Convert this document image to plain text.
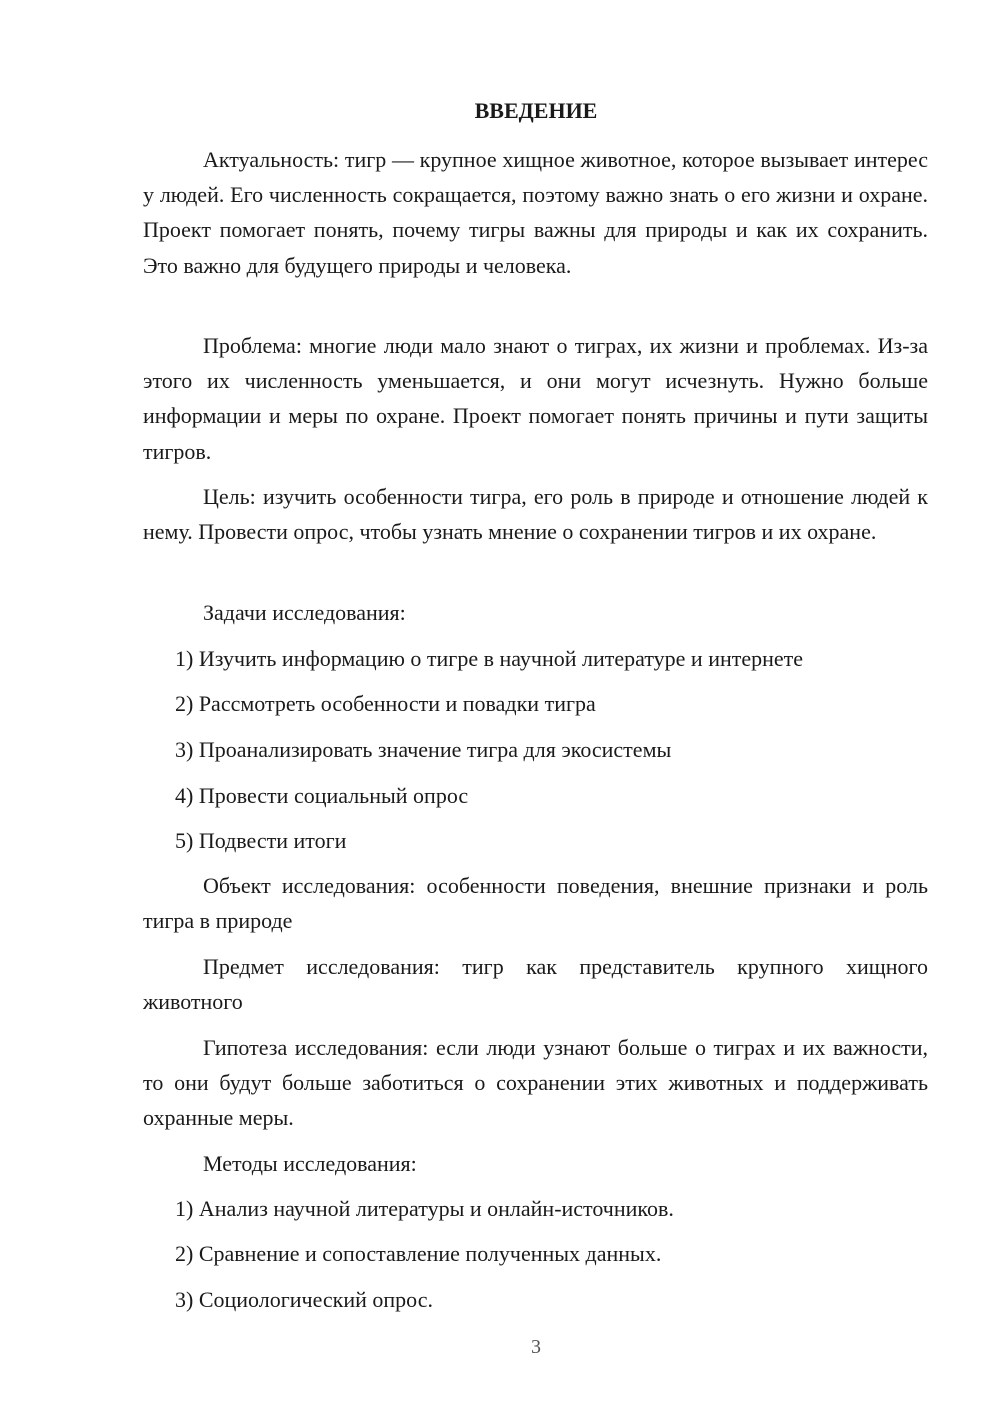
ВВЕДЕНИЕ

Актуальность: тигр — крупное хищное животное, которое вызывает интерес у людей. Его численность сокращается, поэтому важно знать о его жизни и охране. Проект помогает понять, почему тигры важны для природы и как их сохранить. Это важно для будущего природы и человека.

Проблема: многие люди мало знают о тиграх, их жизни и проблемах. Из-за этого их численность уменьшается, и они могут исчезнуть. Нужно больше информации и меры по охране. Проект помогает понять причины и пути защиты тигров.

Цель: изучить особенности тигра, его роль в природе и отношение людей к нему. Провести опрос, чтобы узнать мнение о сохранении тигров и их охране.

Задачи исследования:
1) Изучить информацию о тигре в научной литературе и интернете
2) Рассмотреть особенности и повадки тигра
3) Проанализировать значение тигра для экосистемы
4) Провести социальный опрос
5) Подвести итоги

Объект исследования: особенности поведения, внешние признаки и роль тигра в природе

Предмет исследования: тигр как представитель крупного хищного животного

Гипотеза исследования: если люди узнают больше о тиграх и их важности, то они будут больше заботиться о сохранении этих животных и поддерживать охранные меры.

Методы исследования:
1) Анализ научной литературы и онлайн-источников.
2) Сравнение и сопоставление полученных данных.
3) Социологический опрос.
3
